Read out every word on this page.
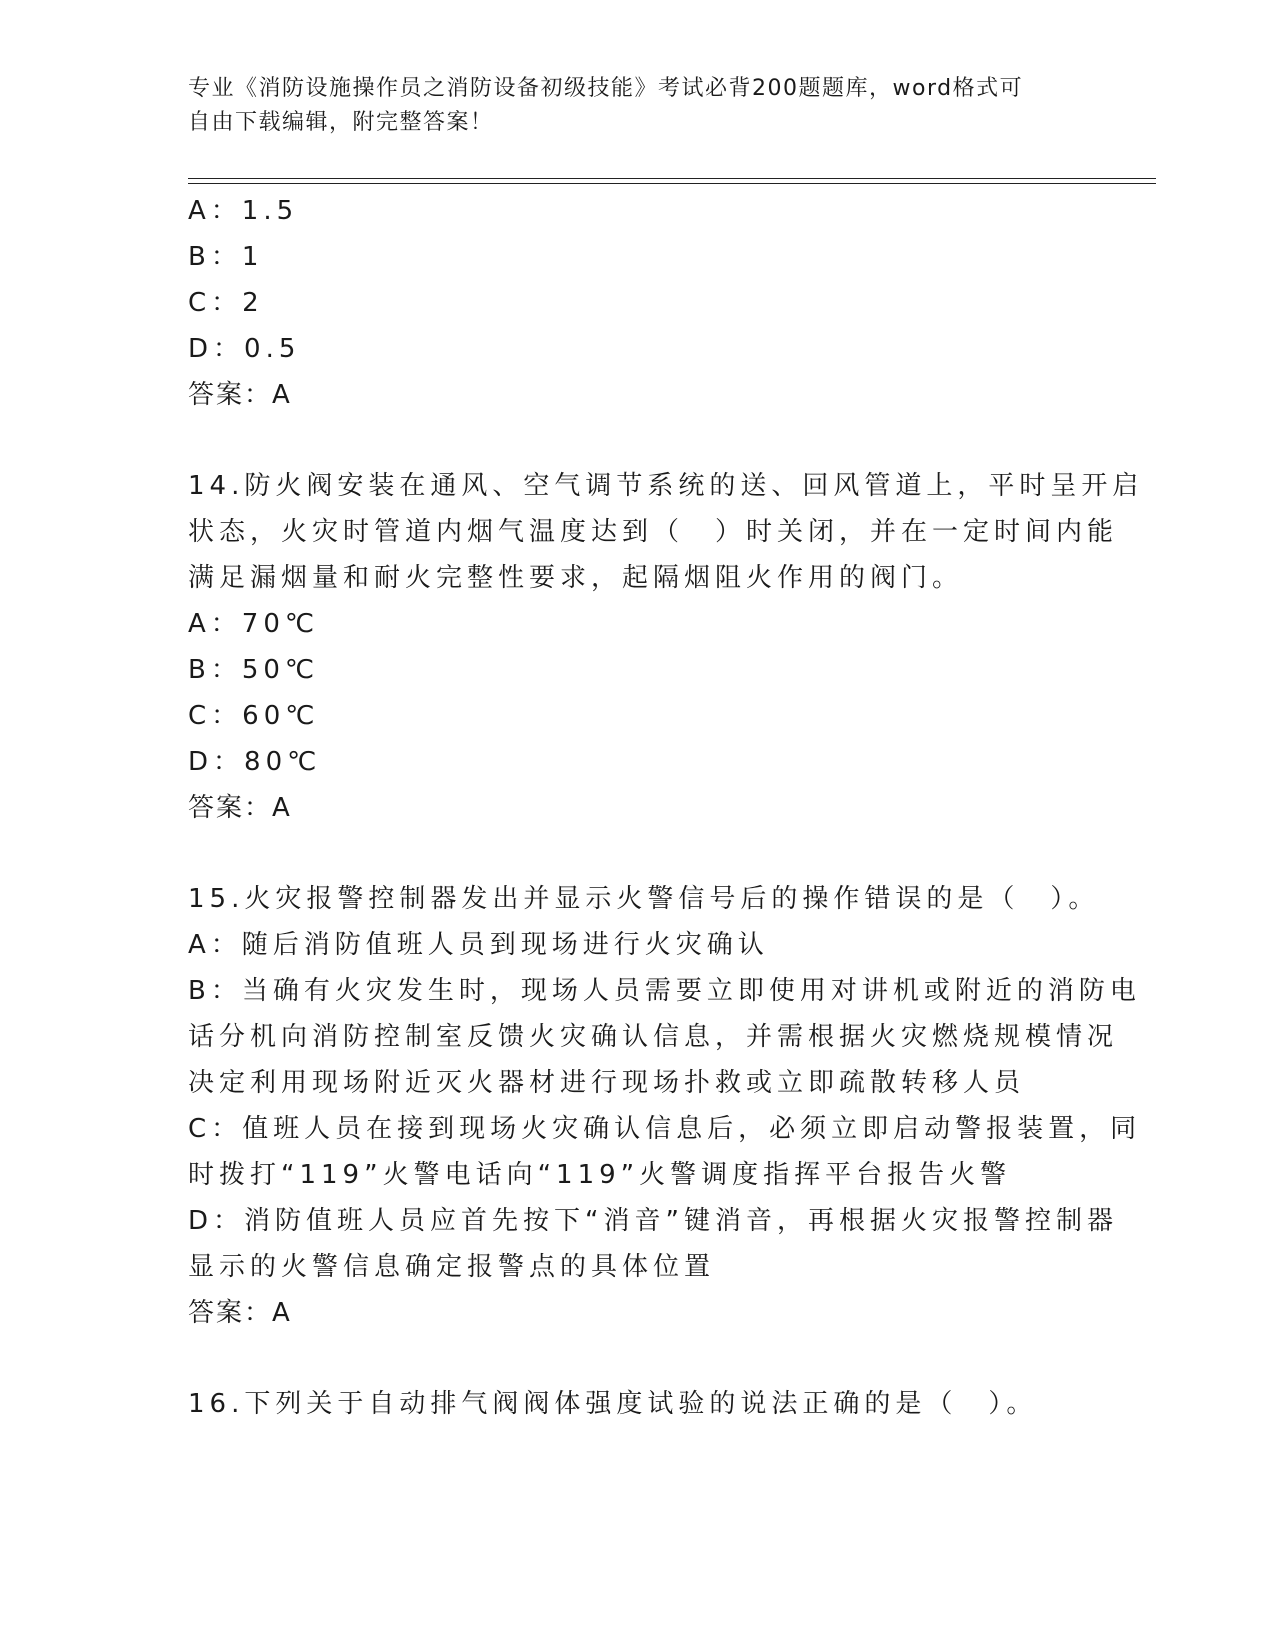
专业《消防设施操作员之消防设备初级技能》考试必背200题题库，word格式可
自由下载编辑，附完整答案！
A：1.5
B：1
C：2
D：0.5
答案：A
14.防火阀安装在通风、空气调节系统的送、回风管道上，平时呈开启
状态，火灾时管道内烟气温度达到（　）时关闭，并在一定时间内能
满足漏烟量和耐火完整性要求，起隔烟阻火作用的阀门。
A：70℃
B：50℃
C：60℃
D：80℃
答案：A
15.火灾报警控制器发出并显示火警信号后的操作错误的是（　）。
A：随后消防值班人员到现场进行火灾确认
B：当确有火灾发生时，现场人员需要立即使用对讲机或附近的消防电
话分机向消防控制室反馈火灾确认信息，并需根据火灾燃烧规模情况
决定利用现场附近灭火器材进行现场扑救或立即疏散转移人员
C：值班人员在接到现场火灾确认信息后，必须立即启动警报装置，同
时拨打“119”火警电话向“119”火警调度指挥平台报告火警
D：消防值班人员应首先按下“消音”键消音，再根据火灾报警控制器
显示的火警信息确定报警点的具体位置
答案：A
16.下列关于自动排气阀阀体强度试验的说法正确的是（　）。
